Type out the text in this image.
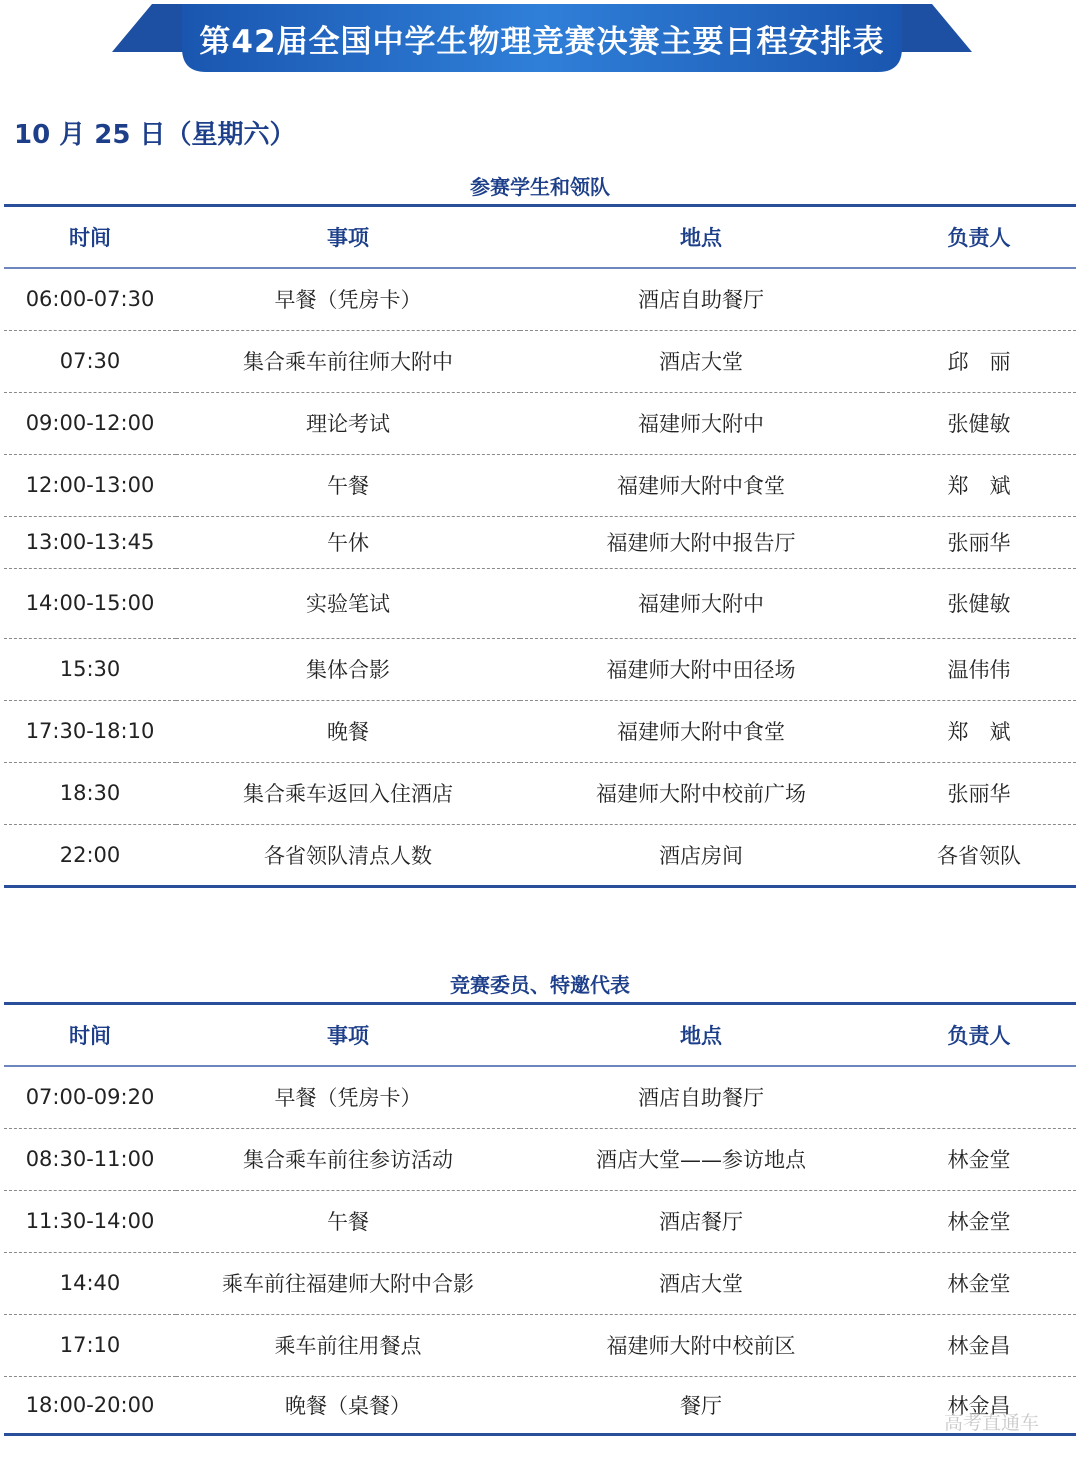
第42届全国中学生物理竞赛决赛主要日程安排表
10 月 25 日（星期六）
参赛学生和领队
时间	事项	地点	负责人
06:00-07:30	早餐（凭房卡）	酒店自助餐厅	
07:30	集合乘车前往师大附中	酒店大堂	邱　丽
09:00-12:00	理论考试	福建师大附中	张健敏
12:00-13:00	午餐	福建师大附中食堂	郑　斌
13:00-13:45	午休	福建师大附中报告厅	张丽华
14:00-15:00	实验笔试	福建师大附中	张健敏
15:30	集体合影	福建师大附中田径场	温伟伟
17:30-18:10	晚餐	福建师大附中食堂	郑　斌
18:30	集合乘车返回入住酒店	福建师大附中校前广场	张丽华
22:00	各省领队清点人数	酒店房间	各省领队
竞赛委员、特邀代表
时间	事项	地点	负责人
07:00-09:20	早餐（凭房卡）	酒店自助餐厅	
08:30-11:00	集合乘车前往参访活动	酒店大堂——参访地点	林金堂
11:30-14:00	午餐	酒店餐厅	林金堂
14:40	乘车前往福建师大附中合影	酒店大堂	林金堂
17:10	乘车前往用餐点	福建师大附中校前区	林金昌
18:00-20:00	晚餐（桌餐）	餐厅	林金昌
高考直通车
